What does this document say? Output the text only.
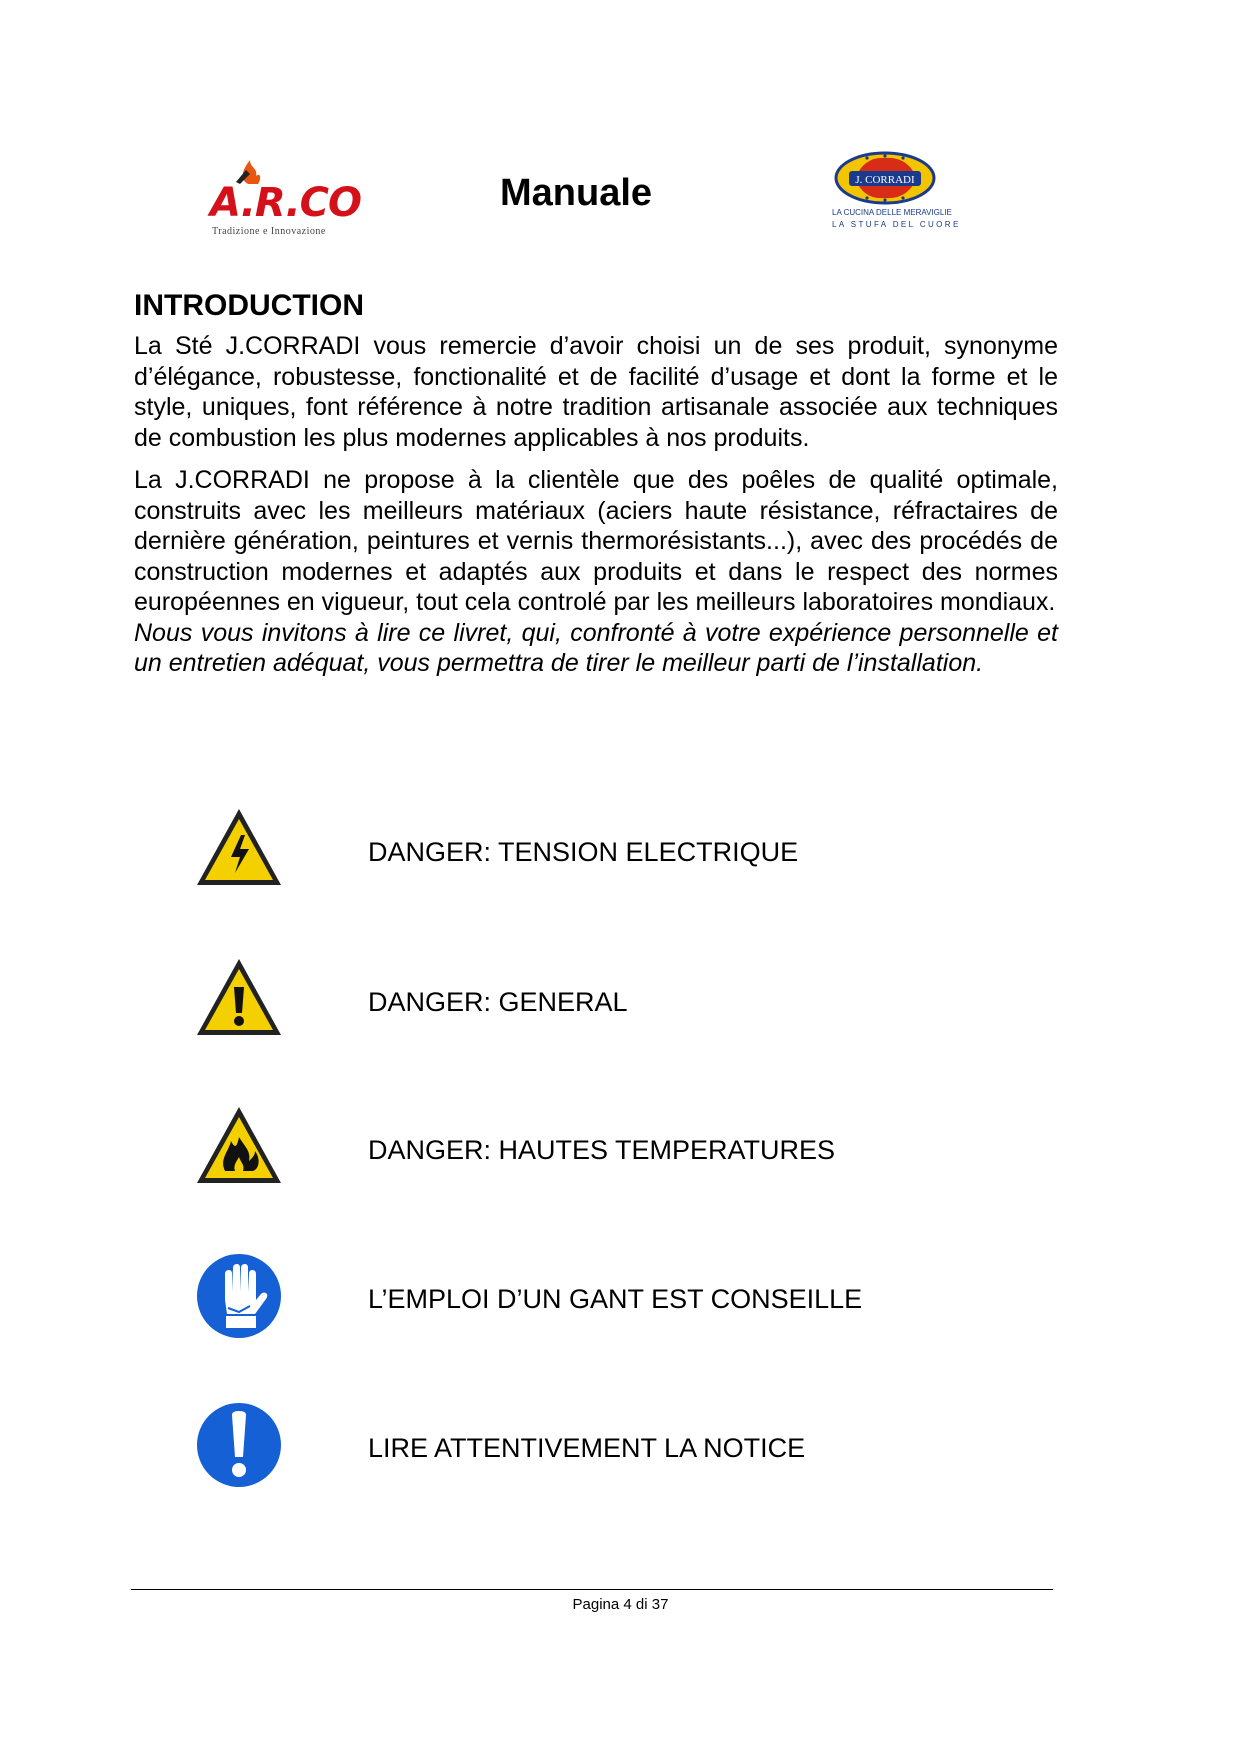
A.R.CO
Tradizione e Innovazione
Manuale	J. CORRADI
LA CUCINA DELLE MERAVIGLIE
LA STUFA DEL CUORE
INTRODUCTION

La Sté J.CORRADI vous remercie d’avoir choisi un de ses produit, synonyme d’élégance, robustesse, fonctionalité et de facilité d’usage et dont la forme et le style, uniques, font référence à notre tradition artisanale associée aux techniques de combustion les plus modernes applicables à nos produits.

La J.CORRADI ne propose à la clientèle que des poêles de qualité optimale, construits avec les meilleurs matériaux (aciers haute résistance, réfractaires de dernière génération, peintures et vernis thermorésistants...), avec des procédés de construction modernes et adaptés aux produits et dans le respect des normes européennes en vigueur, tout cela controlé par les meilleurs laboratoires mondiaux.

Nous vous invitons à lire ce livret, qui, confronté à votre expérience personnelle et un entretien adéquat, vous permettra de tirer le meilleur parti de l’installation.

DANGER: TENSION ELECTRIQUE
DANGER: GENERAL
DANGER: HAUTES TEMPERATURES
L’EMPLOI D’UN GANT EST CONSEILLE
LIRE ATTENTIVEMENT LA NOTICE
Pagina 4 di 37
